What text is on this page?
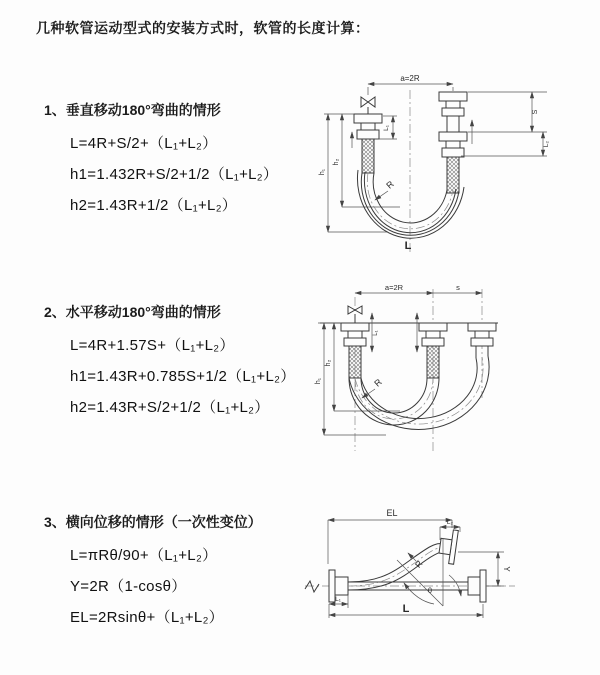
几种软管运动型式的安装方式时，软管的长度计算：

1、垂直移动180°弯曲的情形

L=4R+S/2+（L₁+L₂）
h1=1.432R+S/2+1/2（L₁+L₂）
h2=1.43R+1/2（L₁+L₂）

2、水平移动180°弯曲的情形

L=4R+1.57S+（L₁+L₂）
h1=1.43R+0.785S+1/2（L₁+L₂）
h2=1.43R+S/2+1/2（L₁+L₂）

3、横向位移的情形（一次性变位）

L=πRθ/90+（L₁+L₂）
Y=2R（1-cosθ）
EL=2Rsinθ+（L₁+L₂）
a=2R
L₁
S
L₂
h₁
h₂
R
L
a=2R	s
L₁
h₁
h₂
R
EL
L₂
Y
θ
R
L₁
L
